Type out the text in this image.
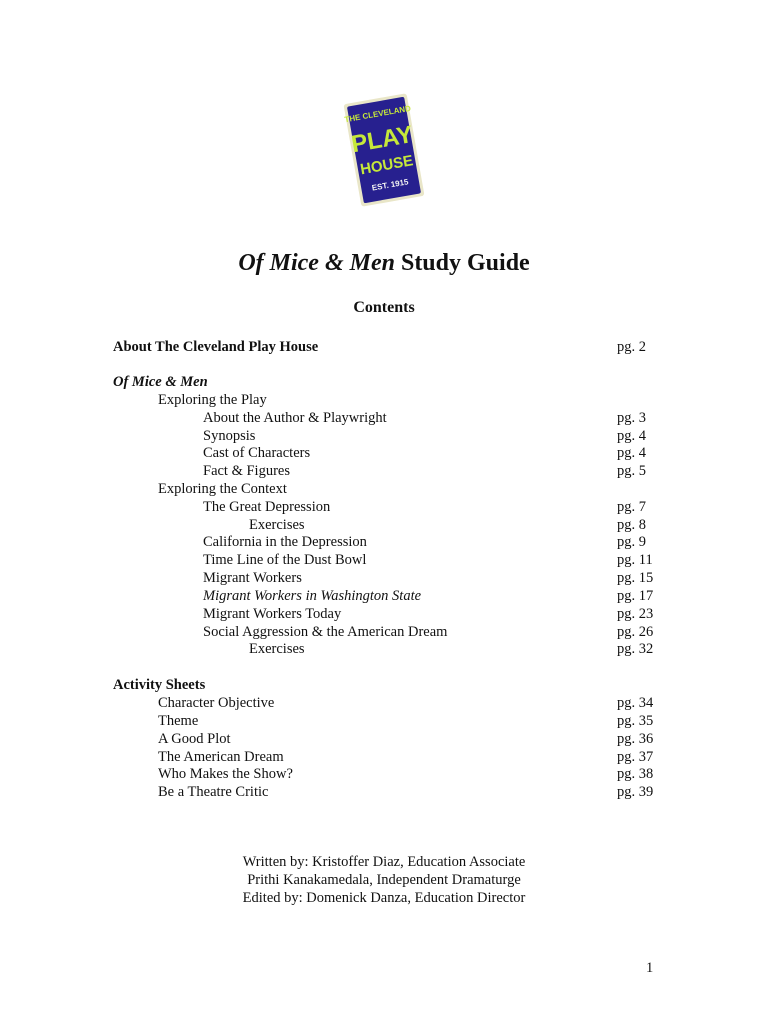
THE CLEVELAND
PLAY
HOUSE
EST. 1915
Of Mice & Men Study Guide
Contents
About The Cleveland Play House	pg. 2
Of Mice & Men
Exploring the Play
About the Author & Playwright	pg. 3
Synopsis	pg. 4
Cast of Characters	pg. 4
Fact & Figures	pg. 5
Exploring the Context
The Great Depression	pg. 7
Exercises	pg. 8
California in the Depression	pg. 9
Time Line of the Dust Bowl	pg. 11
Migrant Workers	pg. 15
Migrant Workers in Washington State	pg. 17
Migrant Workers Today	pg. 23
Social Aggression & the American Dream	pg. 26
Exercises	pg. 32
Activity Sheets
Character Objective	pg. 34
Theme	pg. 35
A Good Plot	pg. 36
The American Dream	pg. 37
Who Makes the Show?	pg. 38
Be a Theatre Critic	pg. 39
Written by: Kristoffer Diaz, Education Associate
Prithi Kanakamedala, Independent Dramaturge
Edited by: Domenick Danza, Education Director
1
